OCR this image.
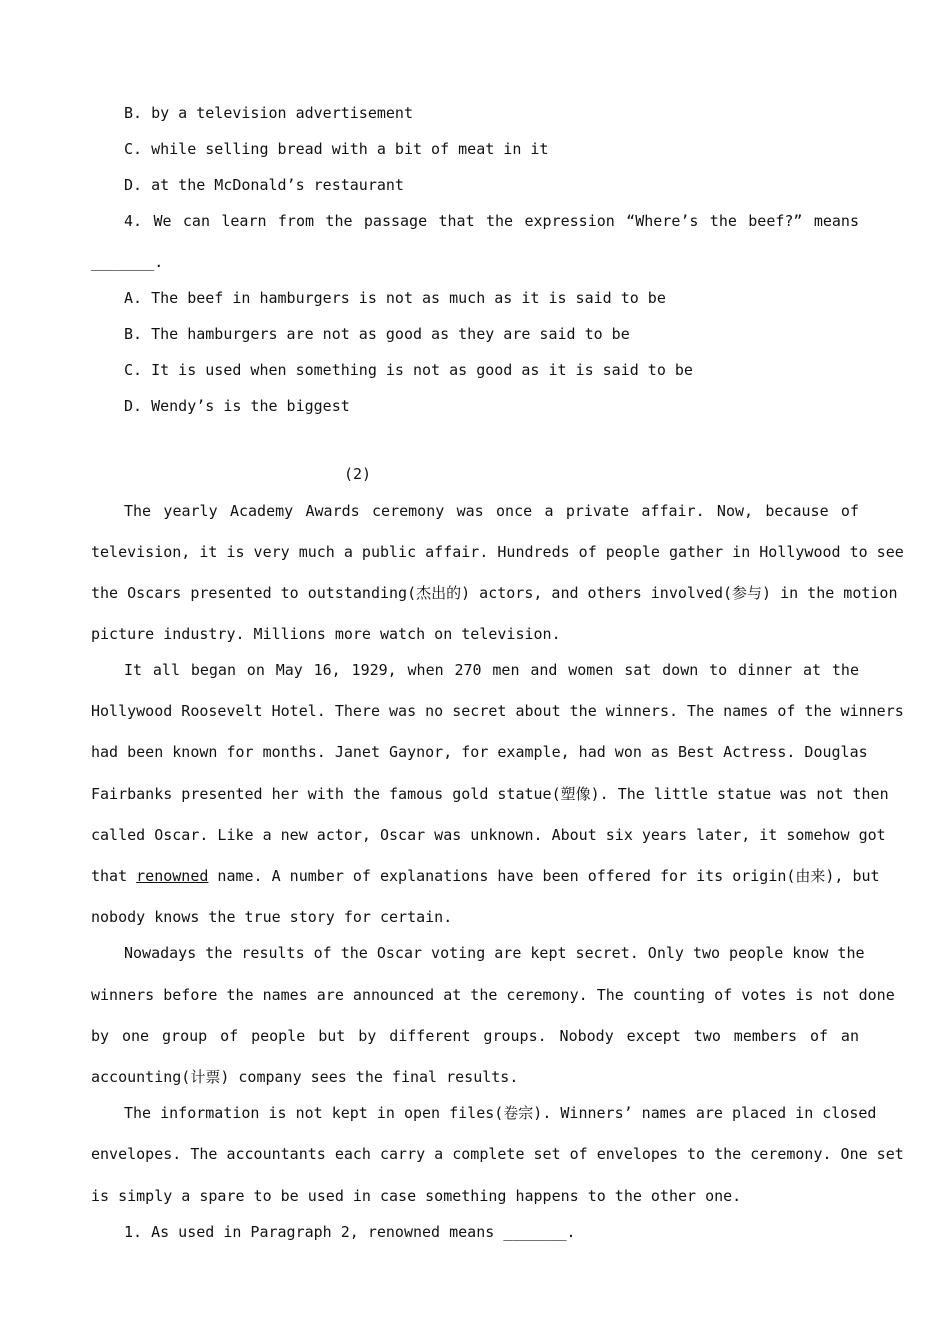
B. by a television advertisement
C. while selling bread with a bit of meat in it
D. at the McDonald’s restaurant
4. We can learn from the passage that the expression “Where’s the beef?” means
_______.
A. The beef in hamburgers is not as much as it is said to be
B. The hamburgers are not as good as they are said to be
C. It is used when something is not as good as it is said to be
D. Wendy’s is the biggest
(2)
The yearly Academy Awards ceremony was once a private affair. Now, because of
television, it is very much a public affair. Hundreds of people gather in Hollywood to see
the Oscars presented to outstanding(杰出的) actors, and others involved(参与) in the motion
picture industry. Millions more watch on television.
It all began on May 16, 1929, when 270 men and women sat down to dinner at the
Hollywood Roosevelt Hotel. There was no secret about the winners. The names of the winners
had been known for months. Janet Gaynor, for example, had won as Best Actress. Douglas
Fairbanks presented her with the famous gold statue(塑像). The little statue was not then
called Oscar. Like a new actor, Oscar was unknown. About six years later, it somehow got
that renowned name. A number of explanations have been offered for its origin(由来), but
nobody knows the true story for certain.
Nowadays the results of the Oscar voting are kept secret. Only two people know the
winners before the names are announced at the ceremony. The counting of votes is not done
by one group of people but by different groups. Nobody except two members of an
accounting(计票) company sees the final results.
The information is not kept in open files(卷宗). Winners’ names are placed in closed
envelopes. The accountants each carry a complete set of envelopes to the ceremony. One set
is simply a spare to be used in case something happens to the other one.
1. As used in Paragraph 2, renowned means _______.
